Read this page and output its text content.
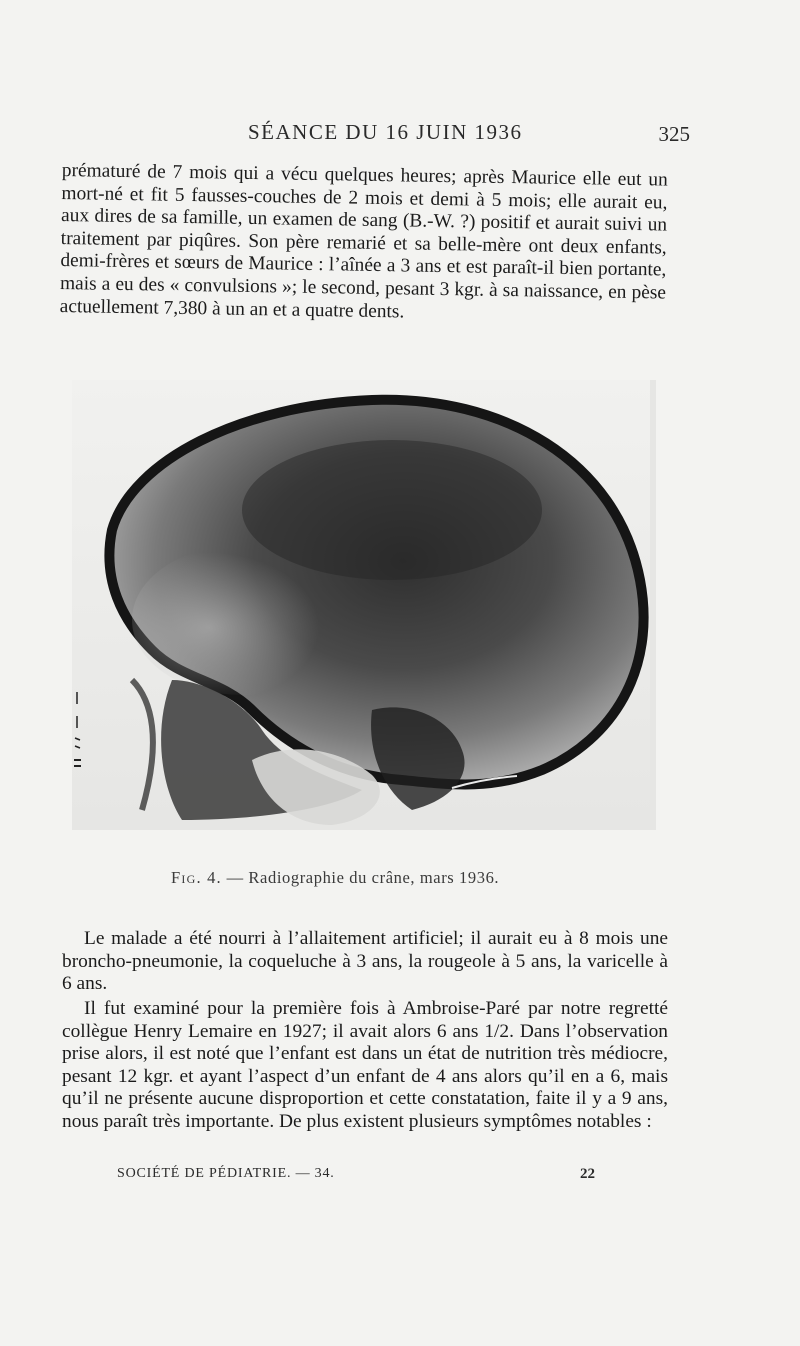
SÉANCE DU 16 JUIN 1936	325
prématuré de 7 mois qui a vécu quelques heures; après Maurice elle eut un mort-né et fit 5 fausses-couches de 2 mois et demi à 5 mois; elle aurait eu, aux dires de sa famille, un examen de sang (B.-W. ?) positif et aurait suivi un traitement par piqûres. Son père remarié et sa belle-mère ont deux enfants, demi-frères et sœurs de Maurice : l’aînée a 3 ans et est paraît-il bien portante, mais a eu des « convulsions »; le second, pesant 3 kgr. à sa naissance, en pèse actuellement 7,380 à un an et a quatre dents.
Fig. 4. — Radiographie du crâne, mars 1936.
Le malade a été nourri à l’allaitement artificiel; il aurait eu à 8 mois une broncho-pneumonie, la coqueluche à 3 ans, la rougeole à 5 ans, la varicelle à 6 ans.
Il fut examiné pour la première fois à Ambroise-Paré par notre regretté collègue Henry Lemaire en 1927; il avait alors 6 ans 1/2. Dans l’observation prise alors, il est noté que l’enfant est dans un état de nutrition très médiocre, pesant 12 kgr. et ayant l’aspect d’un enfant de 4 ans alors qu’il en a 6, mais qu’il ne présente aucune disproportion et cette constatation, faite il y a 9 ans, nous paraît très importante. De plus existent plusieurs symptômes notables :
SOCIÉTÉ DE PÉDIATRIE. — 34.	22
